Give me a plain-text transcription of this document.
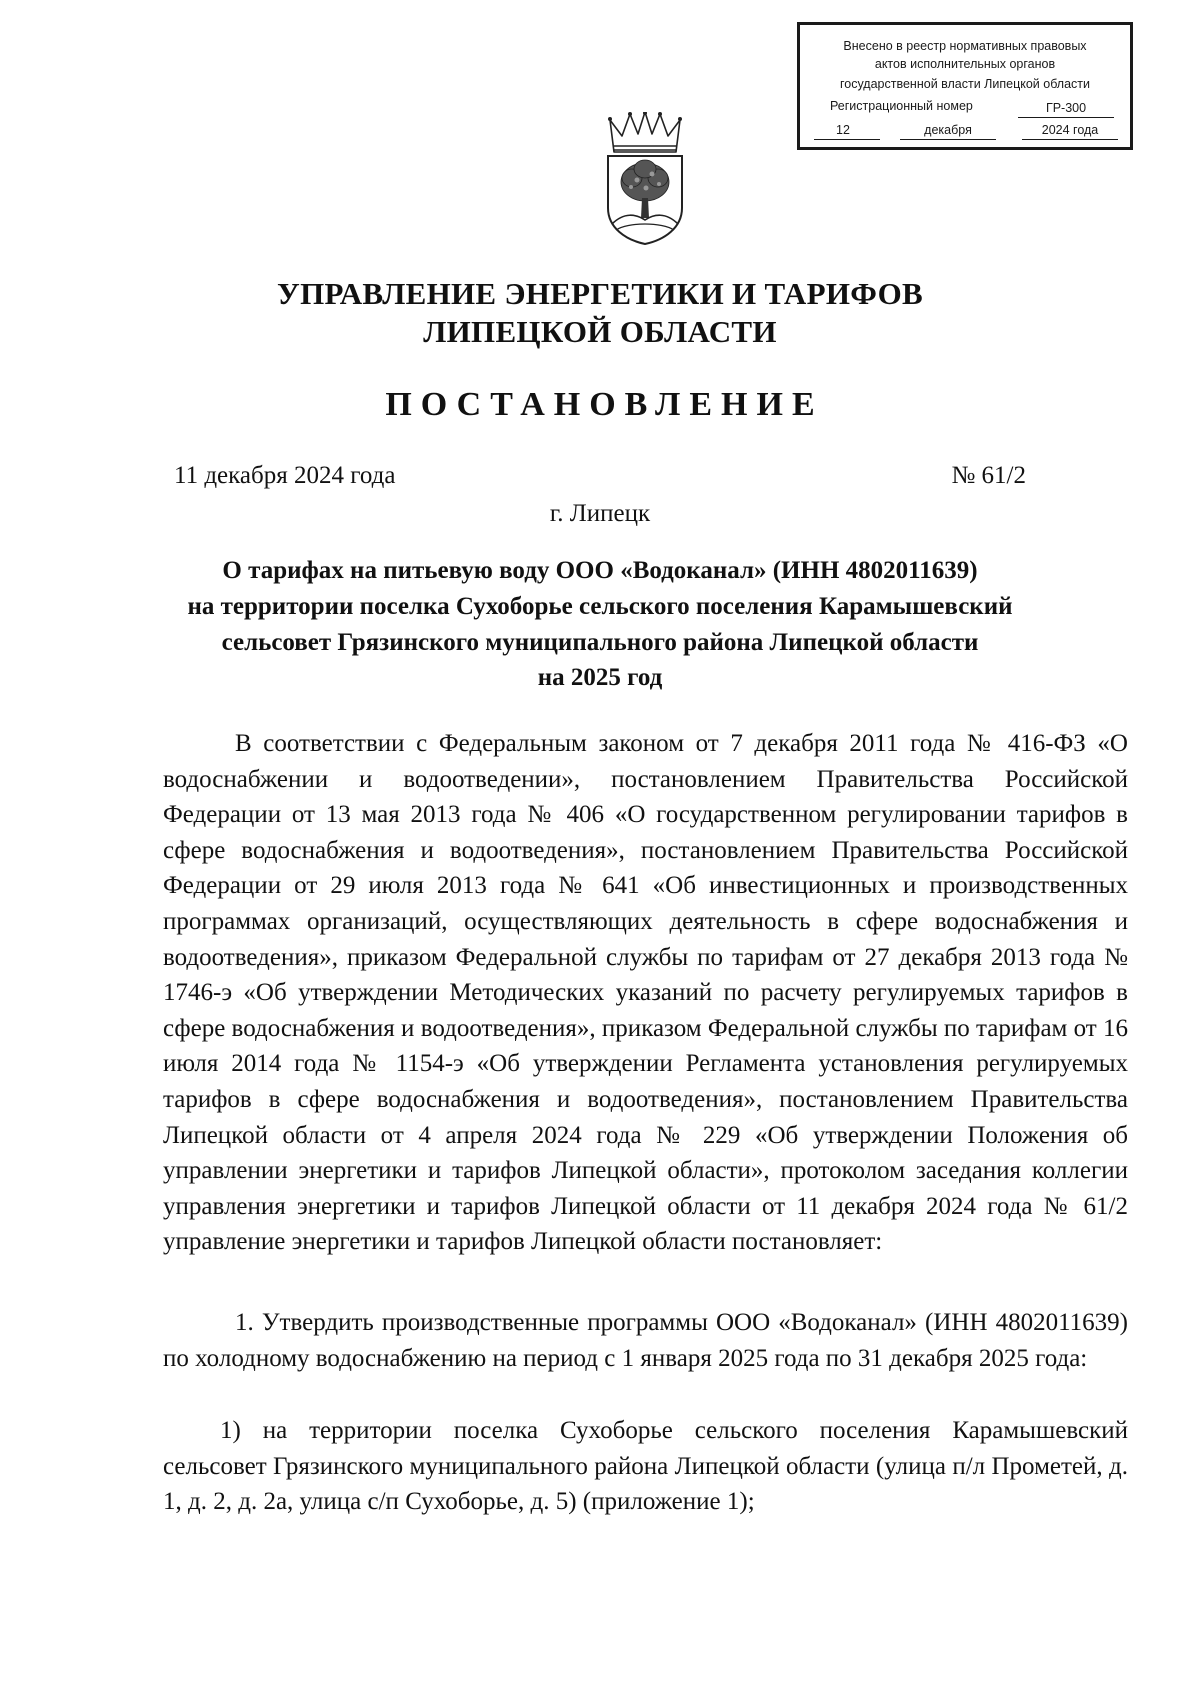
Внесено в реестр нормативных правовых
актов исполнительных органов
государственной власти Липецкой области
Регистрационный номер	ГР-300
12	декабря	2024 года
УПРАВЛЕНИЕ ЭНЕРГЕТИКИ И ТАРИФОВ
ЛИПЕЦКОЙ ОБЛАСТИ
ПОСТАНОВЛЕНИЕ
11 декабря 2024 года	№ 61/2
г. Липецк
О тарифах на питьевую воду ООО «Водоканал» (ИНН 4802011639)
на территории поселка Сухоборье сельского поселения Карамышевский
сельсовет Грязинского муниципального района Липецкой области
на 2025 год

В соответствии с Федеральным законом от 7 декабря 2011 года № 416-ФЗ «О водоснабжении и водоотведении», постановлением Правительства Российской Федерации от 13 мая 2013 года № 406 «О государственном регулировании тарифов в сфере водоснабжения и водоотведения», постановлением Правительства Российской Федерации от 29 июля 2013 года № 641 «Об инвестиционных и производственных программах организаций, осуществляющих деятельность в сфере водоснабжения и водоотведения», приказом Федеральной службы по тарифам от 27 декабря 2013 года № 1746-э «Об утверждении Методических указаний по расчету регулируемых тарифов в сфере водоснабжения и водоотведения», приказом Федеральной службы по тарифам от 16 июля 2014 года № 1154-э «Об утверждении Регламента установления регулируемых тарифов в сфере водоснабжения и водоотведения», постановлением Правительства Липецкой области от 4 апреля 2024 года № 229 «Об утверждении Положения об управлении энергетики и тарифов Липецкой области», протоколом заседания коллегии управления энергетики и тарифов Липецкой области от 11 декабря 2024 года № 61/2 управление энергетики и тарифов Липецкой области постановляет:

1. Утвердить производственные программы ООО «Водоканал» (ИНН 4802011639) по холодному водоснабжению на период с 1 января 2025 года по 31 декабря 2025 года:

1) на территории поселка Сухоборье сельского поселения Карамышевский сельсовет Грязинского муниципального района Липецкой области (улица п/л Прометей, д. 1, д. 2, д. 2а, улица с/п Сухоборье, д. 5) (приложение 1);
